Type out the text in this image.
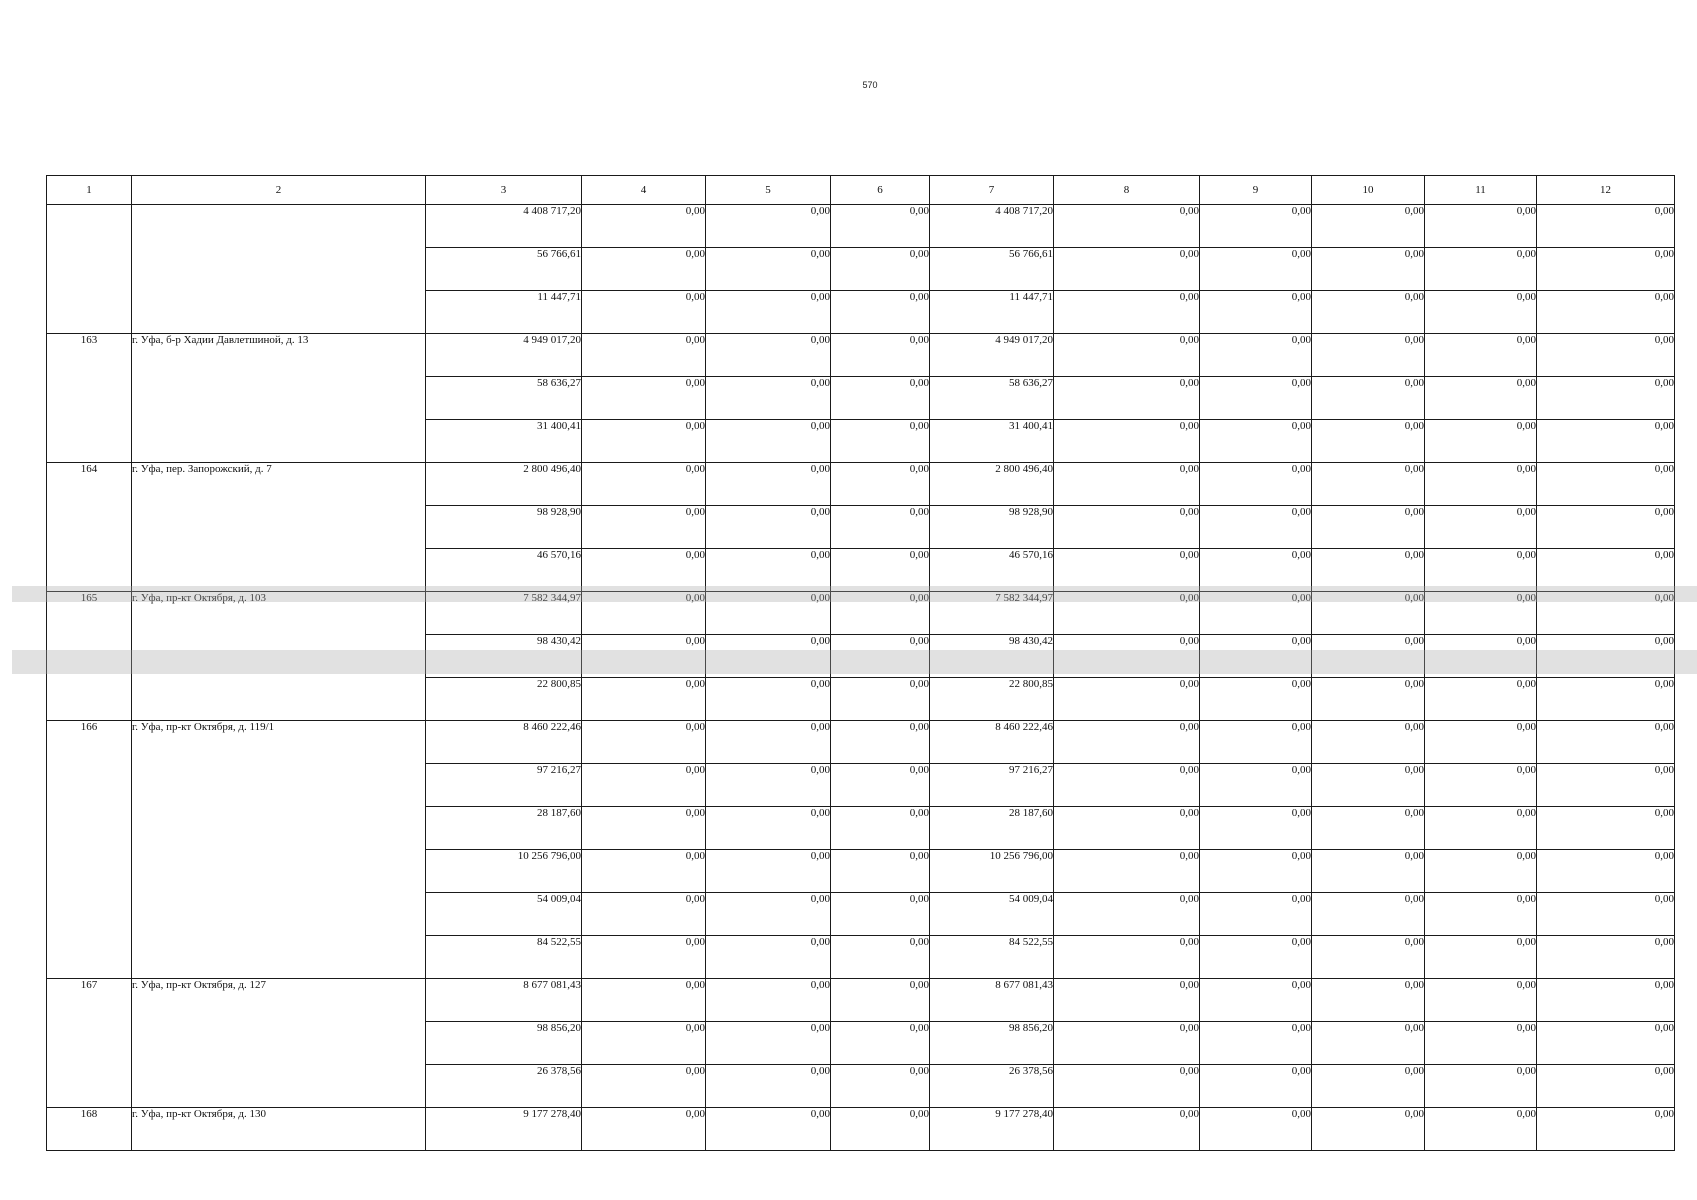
570
1	2	3	4	5	6	7	8	9	10	11	12
		4 408 717,20	0,00	0,00	0,00	4 408 717,20	0,00	0,00	0,00	0,00	0,00
		56 766,61	0,00	0,00	0,00	56 766,61	0,00	0,00	0,00	0,00	0,00
		11 447,71	0,00	0,00	0,00	11 447,71	0,00	0,00	0,00	0,00	0,00
163	г. Уфа, б-р Хадии Давлетшиной, д. 13	4 949 017,20	0,00	0,00	0,00	4 949 017,20	0,00	0,00	0,00	0,00	0,00
		58 636,27	0,00	0,00	0,00	58 636,27	0,00	0,00	0,00	0,00	0,00
		31 400,41	0,00	0,00	0,00	31 400,41	0,00	0,00	0,00	0,00	0,00
164	г. Уфа, пер. Запорожский, д. 7	2 800 496,40	0,00	0,00	0,00	2 800 496,40	0,00	0,00	0,00	0,00	0,00
		98 928,90	0,00	0,00	0,00	98 928,90	0,00	0,00	0,00	0,00	0,00
		46 570,16	0,00	0,00	0,00	46 570,16	0,00	0,00	0,00	0,00	0,00
165	г. Уфа, пр-кт Октября, д. 103	7 582 344,97	0,00	0,00	0,00	7 582 344,97	0,00	0,00	0,00	0,00	0,00
		98 430,42	0,00	0,00	0,00	98 430,42	0,00	0,00	0,00	0,00	0,00
		22 800,85	0,00	0,00	0,00	22 800,85	0,00	0,00	0,00	0,00	0,00
166	г. Уфа, пр-кт Октября, д. 119/1	8 460 222,46	0,00	0,00	0,00	8 460 222,46	0,00	0,00	0,00	0,00	0,00
		97 216,27	0,00	0,00	0,00	97 216,27	0,00	0,00	0,00	0,00	0,00
		28 187,60	0,00	0,00	0,00	28 187,60	0,00	0,00	0,00	0,00	0,00
		10 256 796,00	0,00	0,00	0,00	10 256 796,00	0,00	0,00	0,00	0,00	0,00
		54 009,04	0,00	0,00	0,00	54 009,04	0,00	0,00	0,00	0,00	0,00
		84 522,55	0,00	0,00	0,00	84 522,55	0,00	0,00	0,00	0,00	0,00
167	г. Уфа, пр-кт Октября, д. 127	8 677 081,43	0,00	0,00	0,00	8 677 081,43	0,00	0,00	0,00	0,00	0,00
		98 856,20	0,00	0,00	0,00	98 856,20	0,00	0,00	0,00	0,00	0,00
		26 378,56	0,00	0,00	0,00	26 378,56	0,00	0,00	0,00	0,00	0,00
168	г. Уфа, пр-кт Октября, д. 130	9 177 278,40	0,00	0,00	0,00	9 177 278,40	0,00	0,00	0,00	0,00	0,00
